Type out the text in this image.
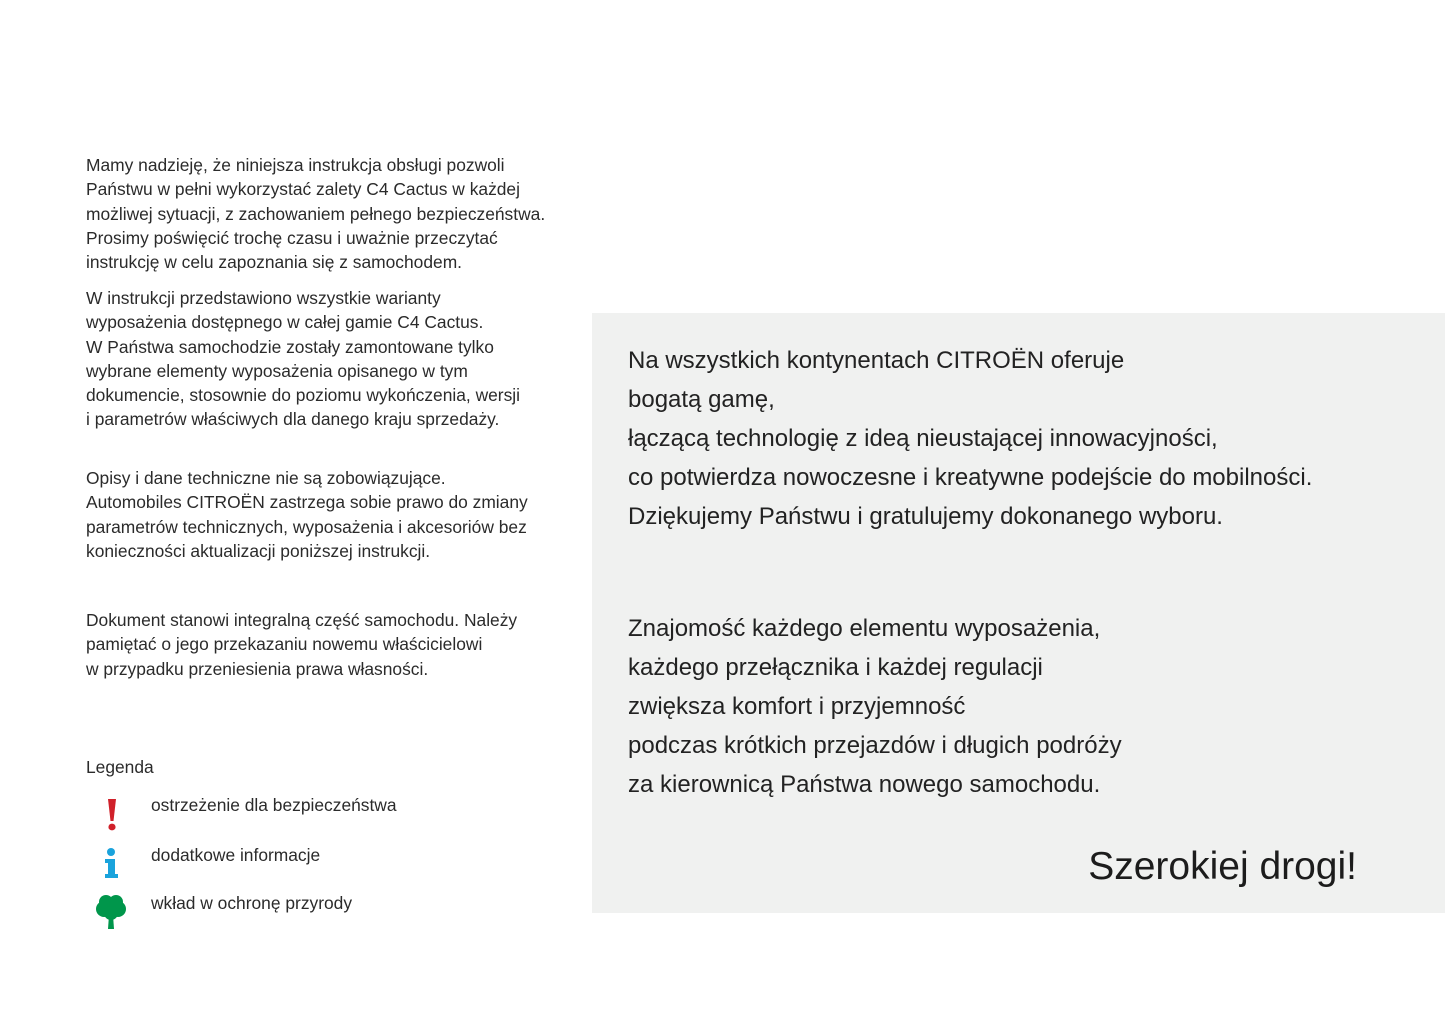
Mamy nadzieję, że niniejsza instrukcja obsługi pozwoli
Państwu w pełni wykorzystać zalety C4 Cactus w każdej
możliwej sytuacji, z zachowaniem pełnego bezpieczeństwa.
Prosimy poświęcić trochę czasu i uważnie przeczytać
instrukcję w celu zapoznania się z samochodem.

W instrukcji przedstawiono wszystkie warianty
wyposażenia dostępnego w całej gamie C4 Cactus.
W Państwa samochodzie zostały zamontowane tylko
wybrane elementy wyposażenia opisanego w tym
dokumencie, stosownie do poziomu wykończenia, wersji
i parametrów właściwych dla danego kraju sprzedaży.

Opisy i dane techniczne nie są zobowiązujące.
Automobiles CITROËN zastrzega sobie prawo do zmiany
parametrów technicznych, wyposażenia i akcesoriów bez
konieczności aktualizacji poniższej instrukcji.

Dokument stanowi integralną część samochodu. Należy
pamiętać o jego przekazaniu nowemu właścicielowi
w przypadku przeniesienia prawa własności.

Legenda
ostrzeżenie dla bezpieczeństwa
dodatkowe informacje
wkład w ochronę przyrody

Na wszystkich kontynentach CITROËN oferuje
bogatą gamę,
łączącą technologię z ideą nieustającej innowacyjności,
co potwierdza nowoczesne i kreatywne podejście do mobilności.
Dziękujemy Państwu i gratulujemy dokonanego wyboru.

Znajomość każdego elementu wyposażenia,
każdego przełącznika i każdej regulacji
zwiększa komfort i przyjemność
podczas krótkich przejazdów i długich podróży
za kierownicą Państwa nowego samochodu.

Szerokiej drogi!
